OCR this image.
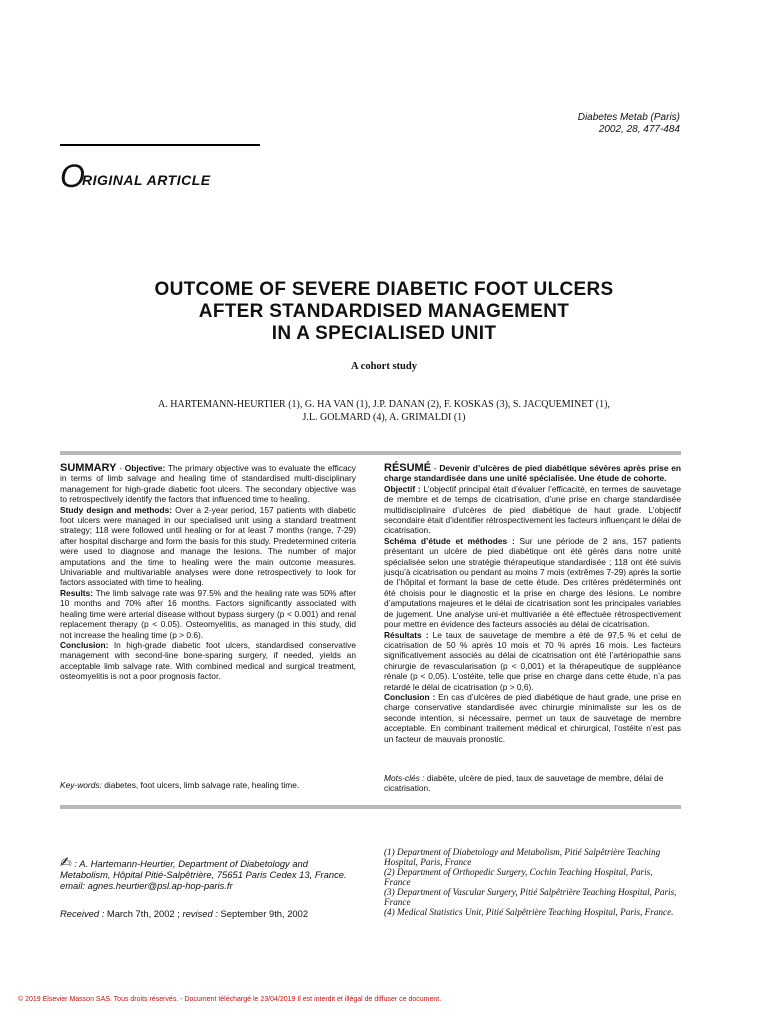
Diabetes Metab (Paris)
2002, 28, 477-484
O
RIGINAL ARTICLE
OUTCOME OF SEVERE DIABETIC FOOT ULCERS
AFTER STANDARDISED MANAGEMENT
IN A SPECIALISED UNIT
A cohort study
A. HARTEMANN-HEURTIER (1), G. HA VAN (1), J.P. DANAN (2), F. KOSKAS (3), S. JACQUEMINET (1),
J.L. GOLMARD (4), A. GRIMALDI (1)

SUMMARY - Objective: The primary objective was to evaluate the efficacy in terms of limb salvage and healing time of standardised multi-disciplinary management for high-grade diabetic foot ulcers. The secondary objective was to retrospectively identify the factors that influenced time to healing.

Study design and methods: Over a 2-year period, 157 patients with diabetic foot ulcers were managed in our specialised unit using a standard treatment strategy; 118 were followed until healing or for at least 7 months (range, 7-29) after hospital discharge and form the basis for this study. Predetermined criteria were used to diagnose and manage the lesions. The number of major amputations and the time to healing were the main outcome measures. Univariable and multivariable analyses were done retrospectively to look for factors associated with time to healing.

Results: The limb salvage rate was 97.5% and the healing rate was 50% after 10 months and 70% after 16 months. Factors significantly associated with healing time were arterial disease without bypass surgery (p < 0.001) and renal replacement therapy (p < 0.05). Osteomyelitis, as managed in this study, did not increase the healing time (p > 0.6).

Conclusion: In high-grade diabetic foot ulcers, standardised conservative management with second-line bone-sparing surgery, if needed, yields an acceptable limb salvage rate. With combined medical and surgical treatment, osteomyelitis is not a poor prognosis factor.

Key-words: diabetes, foot ulcers, limb salvage rate, healing time.

RÉSUMÉ - Devenir d’ulcères de pied diabétique sévères après prise en charge standardisée dans une unité spécialisée. Une étude de cohorte.

Objectif : L’objectif principal était d’évaluer l’efficacité, en termes de sauvetage de membre et de temps de cicatrisation, d’une prise en charge standardisée multidisciplinaire d’ulcères de pied diabétique de haut grade. L’objectif secondaire était d’identifier rétrospectivement les facteurs influençant le délai de cicatrisation.

Schéma d’étude et méthodes : Sur une période de 2 ans, 157 patients présentant un ulcère de pied diabétique ont été gérés dans notre unité spécialisée selon une stratégie thérapeutique standardisée ; 118 ont été suivis jusqu’à cicatrisation ou pendant au moins 7 mois (extrêmes 7-29) après la sortie de l’hôpital et formant la base de cette étude. Des critères prédéterminés ont été choisis pour le diagnostic et la prise en charge des lésions. Le nombre d’amputations majeures et le délai de cicatrisation sont les principales variables de jugement. Une analyse uni-et multivariée a été effectuée rétrospectivement pour mettre en évidence des facteurs associés au délai de cicatrisation.

Résultats : Le taux de sauvetage de membre a été de 97,5 % et celui de cicatrisation de 50 % après 10 mois et 70 % après 16 mois. Les facteurs significativement associés au délai de cicatrisation ont été l’artériopathie sans chirurgie de revascularisation (p < 0,001) et la thérapeutique de suppléance rénale (p < 0,05). L’ostéite, telle que prise en charge dans cette étude, n’a pas retardé le délai de cicatrisation (p > 0,6).

Conclusion : En cas d’ulcères de pied diabétique de haut grade, une prise en charge conservative standardisée avec chirurgie minimaliste sur les os de seconde intention, si nécessaire, permet un taux de sauvetage de membre acceptable. En combinant traitement médical et chirurgical, l’ostéite n’est pas un facteur de mauvais pronostic.

Mots-clés : diabète, ulcère de pied, taux de sauvetage de membre, délai de cicatrisation.
✍ : A. Hartemann-Heurtier, Department of Diabetology and Metabolism, Hôpital Pitié-Salpêtrière, 75651 Paris Cedex 13, France.
email: agnes.heurtier@psl.ap-hop-paris.fr
Received : March 7th, 2002 ; revised : September 9th, 2002

(1) Department of Diabetology and Metabolism, Pitié Salpêtrière Teaching Hospital, Paris, France

(2) Department of Orthopedic Surgery, Cochin Teaching Hospital, Paris, France

(3) Department of Vascular Surgery, Pitié Salpêtrière Teaching Hospital, Paris, France

(4) Medical Statistics Unit, Pitié Salpêtrière Teaching Hospital, Paris, France.

© 2019 Elsevier Masson SAS. Tous droits réservés. - Document téléchargé le 23/04/2019 Il est interdit et illégal de diffuser ce document.
